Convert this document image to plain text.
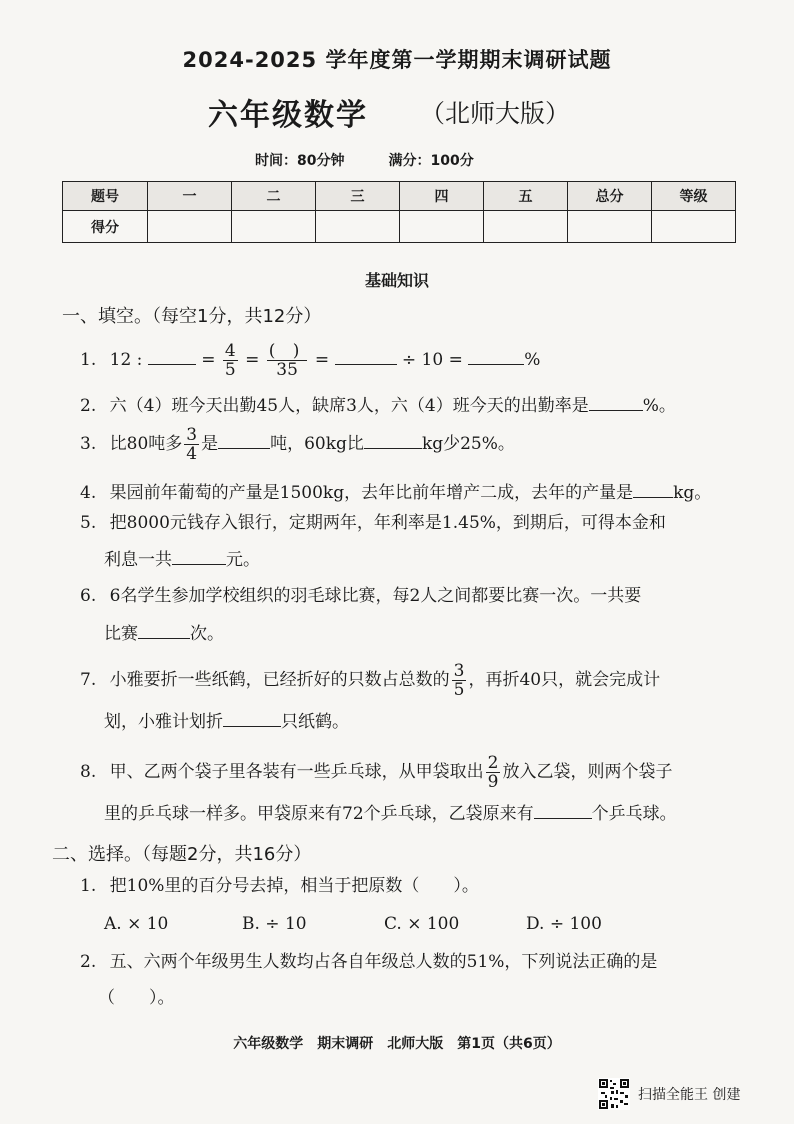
2024-2025 学年度第一学期期末调研试题
六年级数学 （北师大版）
时间：80分钟	满分：100分
题号	一	二	三	四	五	总分	等级
得分							
基础知识
一、填空。（每空1分，共12分）
1. 12 :	= $\frac{4}{5} = \frac{( )}{35}$ =	÷ 10 =	%
2. 六（4）班今天出勤45人，缺席3人，六（4）班今天的出勤率是	%。
3. 比80吨多 $\frac{3}{4}$ 是	吨，60kg比	kg少25%。
4. 果园前年葡萄的产量是1500kg，去年比前年增产二成，去年的产量是 kg。
5. 把8000元钱存入银行，定期两年，年利率是1.45%，到期后，可得本金和
利息一共	元。
6. 6名学生参加学校组织的羽毛球比赛，每2人之间都要比赛一次。一共要
比赛	次。
7. 小雅要折一些纸鹤，已经折好的只数占总数的 $\frac{3}{5}$ ，再折40只，就会完成计
划，小雅计划折	只纸鹤。
8. 甲、乙两个袋子里各装有一些乒乓球，从甲袋取出 $\frac{2}{9}$ 放入乙袋，则两个袋子
里的乒乓球一样多。甲袋原来有72个乒乓球，乙袋原来有	个乒乓球。
二、选择。（每题2分，共16分）
1. 把10%里的百分号去掉，相当于把原数（　　）。
A. × 10	B. ÷ 10	C. × 100	D. ÷ 100
2. 五、六两个年级男生人数均占各自年级总人数的51%，下列说法正确的是
（　　）。
六年级数学　期末调研　北师大版　第1页（共6页）
扫描全能王 创建
